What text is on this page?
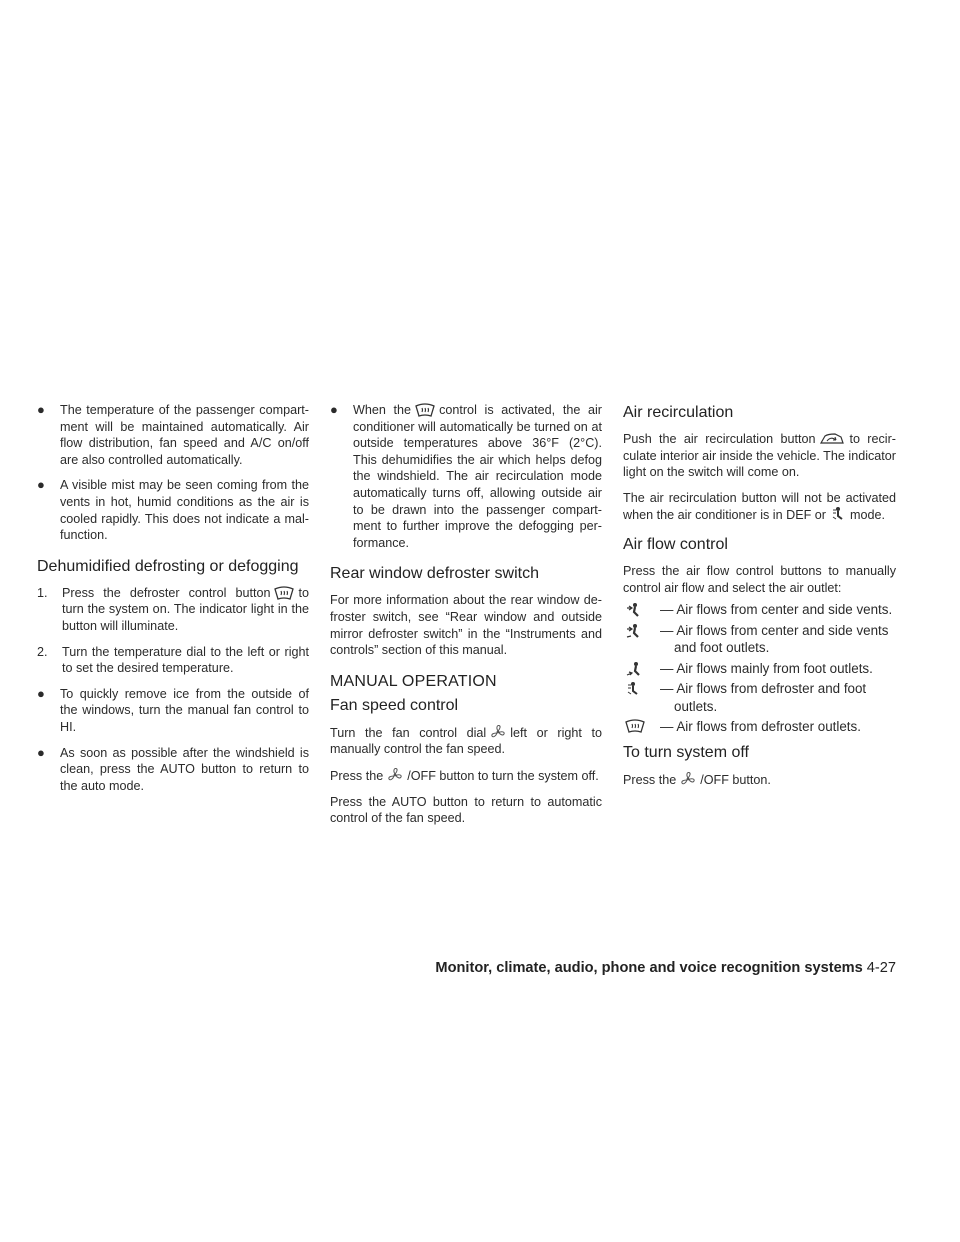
● The temperature of the passenger compart-ment will be maintained automatically. Air flow distribution, fan speed and A/C on/off are also controlled automatically.

● A visible mist may be seen coming from the vents in hot, humid conditions as the air is cooled rapidly. This does not indicate a mal-function.

Dehumidified defrosting or defogging

1. Press the defroster control button to turn the system on. The indicator light in the button will illuminate.

2. Turn the temperature dial to the left or right to set the desired temperature.

● To quickly remove ice from the outside of the windows, turn the manual fan control to HI.

● As soon as possible after the windshield is clean, press the AUTO button to return to the auto mode.

● When the control is activated, the air conditioner will automatically be turned on at outside temperatures above 36°F (2°C). This dehumidifies the air which helps defog the windshield. The air recirculation mode automatically turns off, allowing outside air to be drawn into the passenger compart-ment to further improve the defogging per-formance.

Rear window defroster switch

For more information about the rear window de-froster switch, see “Rear window and outside mirror defroster switch” in the “Instruments and controls” section of this manual.

MANUAL OPERATION
Fan speed control

Turn the fan control dial left or right to manually control the fan speed.

Press the /OFF button to turn the system off.

Press the AUTO button to return to automatic control of the fan speed.

Air recirculation

Push the air recirculation button	to recir-culate interior air inside the vehicle. The indicator light on the switch will come on.

The air recirculation button will not be activated when the air conditioner is in DEF or mode.

Air flow control

Press the air flow control buttons to manually control air flow and select the air outlet:

— Air flows from center and side vents.
— Air flows from center and side vents and foot outlets.
— Air flows mainly from foot outlets.
— Air flows from defroster and foot outlets.
— Air flows from defroster outlets.
To turn system off

Press the /OFF button.

Monitor, climate, audio, phone and voice recognition systems 4-27
